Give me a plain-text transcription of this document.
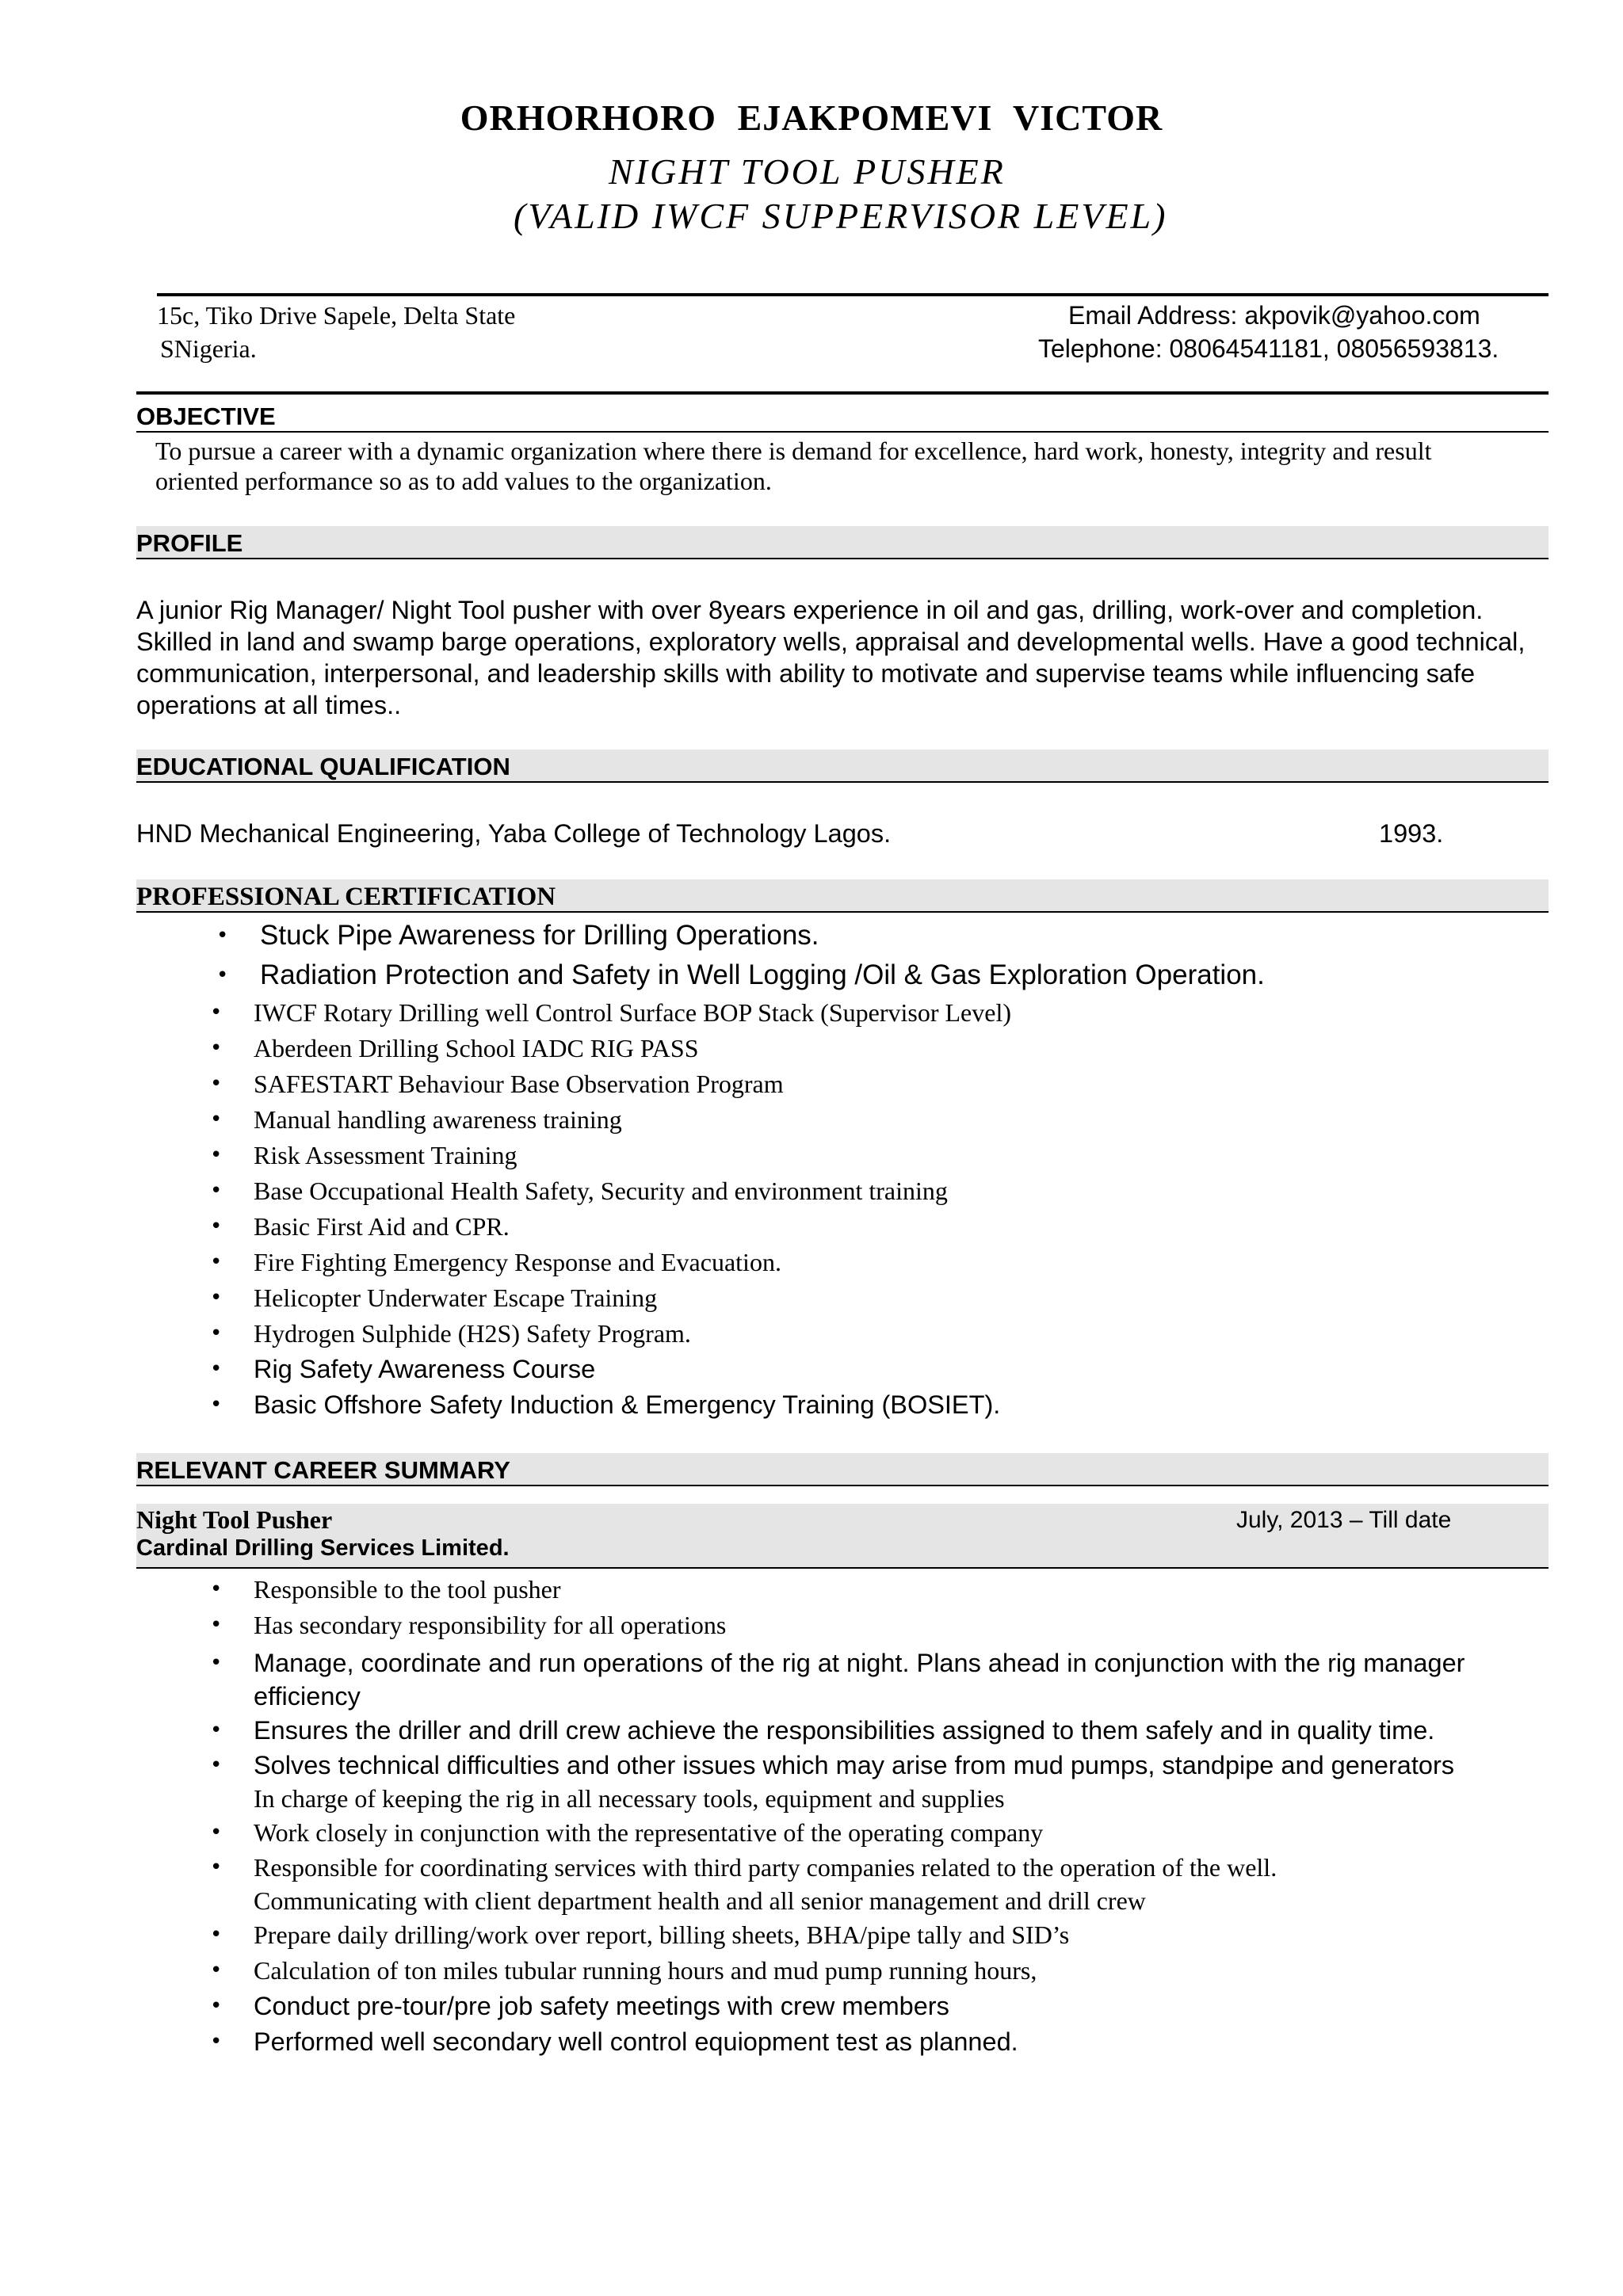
ORHORHORO EJAKPOMEVI VICTOR
NIGHT TOOL PUSHER
(VALID IWCF SUPPERVISOR LEVEL)
15c, Tiko Drive Sapele, Delta State
SNigeria.
Email Address: akpovik@yahoo.com
Telephone: 08064541181, 08056593813.
OBJECTIVE
To pursue a career with a dynamic organization where there is demand for excellence, hard work, honesty, integrity and result
oriented performance so as to add values to the organization.
PROFILE
A junior Rig Manager/ Night Tool pusher with over 8years experience in oil and gas, drilling, work-over and completion. Skilled in land and swamp barge operations, exploratory wells, appraisal and developmental wells. Have a good technical, communication, interpersonal, and leadership skills with ability to motivate and supervise teams while influencing safe operations at all times..
EDUCATIONAL QUALIFICATION
HND Mechanical Engineering, Yaba College of Technology Lagos.	1993.
PROFESSIONAL CERTIFICATION
• Stuck Pipe Awareness for Drilling Operations.
• Radiation Protection and Safety in Well Logging /Oil & Gas Exploration Operation.
• IWCF Rotary Drilling well Control Surface BOP Stack (Supervisor Level)
• Aberdeen Drilling School IADC RIG PASS
• SAFESTART Behaviour Base Observation Program
• Manual handling awareness training
• Risk Assessment Training
• Base Occupational Health Safety, Security and environment training
• Basic First Aid and CPR.
• Fire Fighting Emergency Response and Evacuation.
• Helicopter Underwater Escape Training
• Hydrogen Sulphide (H2S) Safety Program.
• Rig Safety Awareness Course
• Basic Offshore Safety Induction & Emergency Training (BOSIET).
RELEVANT CAREER SUMMARY
Night Tool Pusher	July, 2013 – Till date
Cardinal Drilling Services Limited.
• Responsible to the tool pusher
• Has secondary responsibility for all operations
• Manage, coordinate and run operations of the rig at night. Plans ahead in conjunction with the rig manager
efficiency
• Ensures the driller and drill crew achieve the responsibilities assigned to them safely and in quality time.
• Solves technical difficulties and other issues which may arise from mud pumps, standpipe and generators
In charge of keeping the rig in all necessary tools, equipment and supplies
• Work closely in conjunction with the representative of the operating company
• Responsible for coordinating services with third party companies related to the operation of the well.
Communicating with client department health and all senior management and drill crew
• Prepare daily drilling/work over report, billing sheets, BHA/pipe tally and SID’s
• Calculation of ton miles tubular running hours and mud pump running hours,
• Conduct pre-tour/pre job safety meetings with crew members
• Performed well secondary well control equiopment test as planned.
